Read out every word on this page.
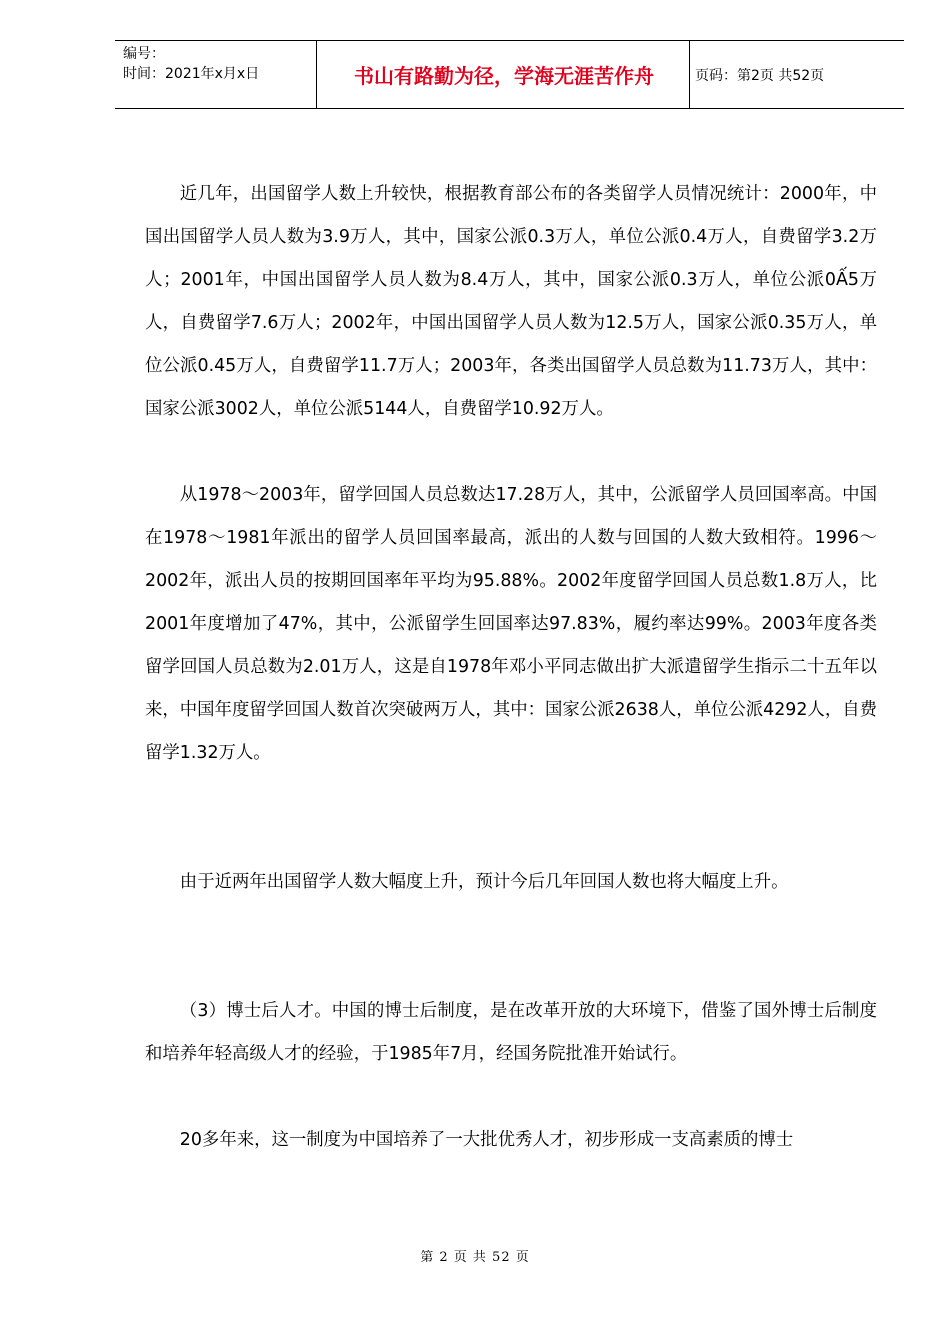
编号：
时间：2021年x月x日	书山有路勤为径，学海无涯苦作舟	页码：第2页 共52页

近几年，出国留学人数上升较快，根据教育部公布的各类留学人员情况统计：2000年，中国出国留学人员人数为3.9万人，其中，国家公派0.3万人，单位公派0.4万人，自费留学3.2万人；2001年，中国出国留学人员人数为8.4万人，其中，国家公派0.3万人，单位公派0Ấ5万人，自费留学7.6万人；2002年，中国出国留学人员人数为12.5万人，国家公派0.35万人，单位公派0.45万人，自费留学11.7万人；2003年，各类出国留学人员总数为11.73万人，其中：国家公派3002人，单位公派5144人，自费留学10.92万人。

从1978～2003年，留学回国人员总数达17.28万人，其中，公派留学人员回国率高。中国在1978～1981年派出的留学人员回国率最高，派出的人数与回国的人数大致相符。1996～2002年，派出人员的按期回国率年平均为95.88%。2002年度留学回国人员总数1.8万人，比2001年度增加了47%，其中，公派留学生回国率达97.83%，履约率达99%。2003年度各类留学回国人员总数为2.01万人，这是自1978年邓小平同志做出扩大派遣留学生指示二十五年以来，中国年度留学回国人数首次突破两万人，其中：国家公派2638人，单位公派4292人，自费留学1.32万人。

由于近两年出国留学人数大幅度上升，预计今后几年回国人数也将大幅度上升。

（3）博士后人才。中国的博士后制度，是在改革开放的大环境下，借鉴了国外博士后制度和培养年轻高级人才的经验，于1985年7月，经国务院批准开始试行。

20多年来，这一制度为中国培养了一大批优秀人才，初步形成一支高素质的博士

第 2 页 共 52 页
